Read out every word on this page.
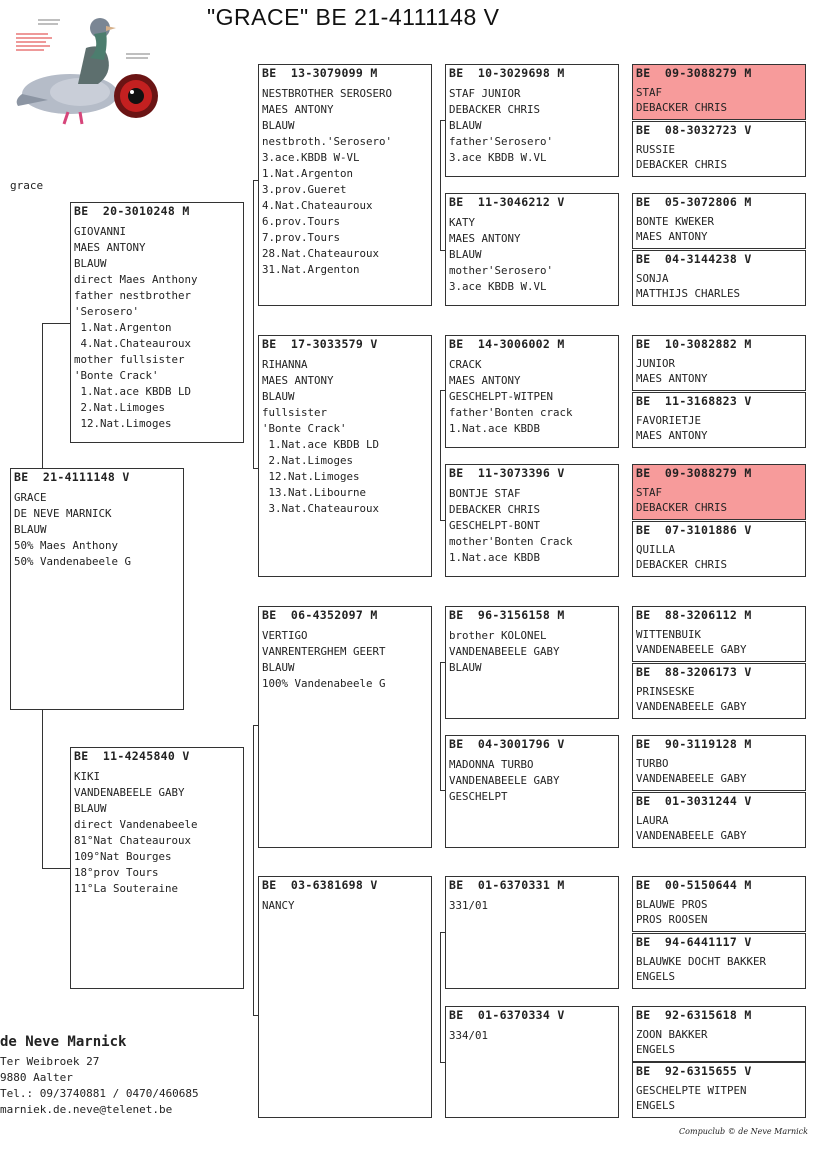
"GRACE" BE 21-4111148 V
grace
BE  21-4111148 V
GRACE
DE NEVE MARNICK
BLAUW
50% Maes Anthony
50% Vandenabeele G
BE  20-3010248 M
GIOVANNI
MAES ANTONY
BLAUW
direct Maes Anthony
father nestbrother
'Serosero'
1.Nat.Argenton
4.Nat.Chateauroux
mother fullsister
'Bonte Crack'
1.Nat.ace KBDB LD
2.Nat.Limoges
12.Nat.Limoges
BE  11-4245840 V
KIKI
VANDENABEELE GABY
BLAUW
direct Vandenabeele
81°Nat Chateauroux
109°Nat Bourges
18°prov Tours
11°La Souteraine
BE  13-3079099 M
NESTBROTHER SEROSERO
MAES ANTONY
BLAUW
nestbroth.'Serosero'
3.ace.KBDB W-VL
1.Nat.Argenton
3.prov.Gueret
4.Nat.Chateauroux
6.prov.Tours
7.prov.Tours
28.Nat.Chateauroux
31.Nat.Argenton
BE  17-3033579 V
RIHANNA
MAES ANTONY
BLAUW
fullsister
'Bonte Crack'
1.Nat.ace KBDB LD
2.Nat.Limoges
12.Nat.Limoges
13.Nat.Libourne
3.Nat.Chateauroux
BE  06-4352097 M
VERTIGO
VANRENTERGHEM GEERT
BLAUW
100% Vandenabeele G
BE  03-6381698 V
NANCY
BE  10-3029698 M
STAF JUNIOR
DEBACKER CHRIS
BLAUW
father'Serosero'
3.ace KBDB W.VL
BE  11-3046212 V
KATY
MAES ANTONY
BLAUW
mother'Serosero'
3.ace KBDB W.VL
BE  14-3006002 M
CRACK
MAES ANTONY
GESCHELPT-WITPEN
father'Bonten crack
1.Nat.ace KBDB
BE  11-3073396 V
BONTJE STAF
DEBACKER CHRIS
GESCHELPT-BONT
mother'Bonten Crack
1.Nat.ace KBDB
BE  96-3156158 M
brother KOLONEL
VANDENABEELE GABY
BLAUW
BE  04-3001796 V
MADONNA TURBO
VANDENABEELE GABY
GESCHELPT
BE  01-6370331 M
331/01
BE  01-6370334 V
334/01
BE  09-3088279 M
STAF
DEBACKER CHRIS
BE  08-3032723 V
RUSSIE
DEBACKER CHRIS
BE  05-3072806 M
BONTE KWEKER
MAES ANTONY
BE  04-3144238 V
SONJA
MATTHIJS CHARLES
BE  10-3082882 M
JUNIOR
MAES ANTONY
BE  11-3168823 V
FAVORIETJE
MAES ANTONY
BE  09-3088279 M
STAF
DEBACKER CHRIS
BE  07-3101886 V
QUILLA
DEBACKER CHRIS
BE  88-3206112 M
WITTENBUIK
VANDENABEELE GABY
BE  88-3206173 V
PRINSESKE
VANDENABEELE GABY
BE  90-3119128 M
TURBO
VANDENABEELE GABY
BE  01-3031244 V
LAURA
VANDENABEELE GABY
BE  00-5150644 M
BLAUWE PROS
PROS ROOSEN
BE  94-6441117 V
BLAUWKE DOCHT BAKKER
ENGELS
BE  92-6315618 M
ZOON BAKKER
ENGELS
BE  92-6315655 V
GESCHELPTE WITPEN
ENGELS
de Neve Marnick
Ter Weibroek 27
9880 Aalter
Tel.: 09/3740881 / 0470/460685
marniek.de.neve@telenet.be
Compuclub © de Neve Marnick
